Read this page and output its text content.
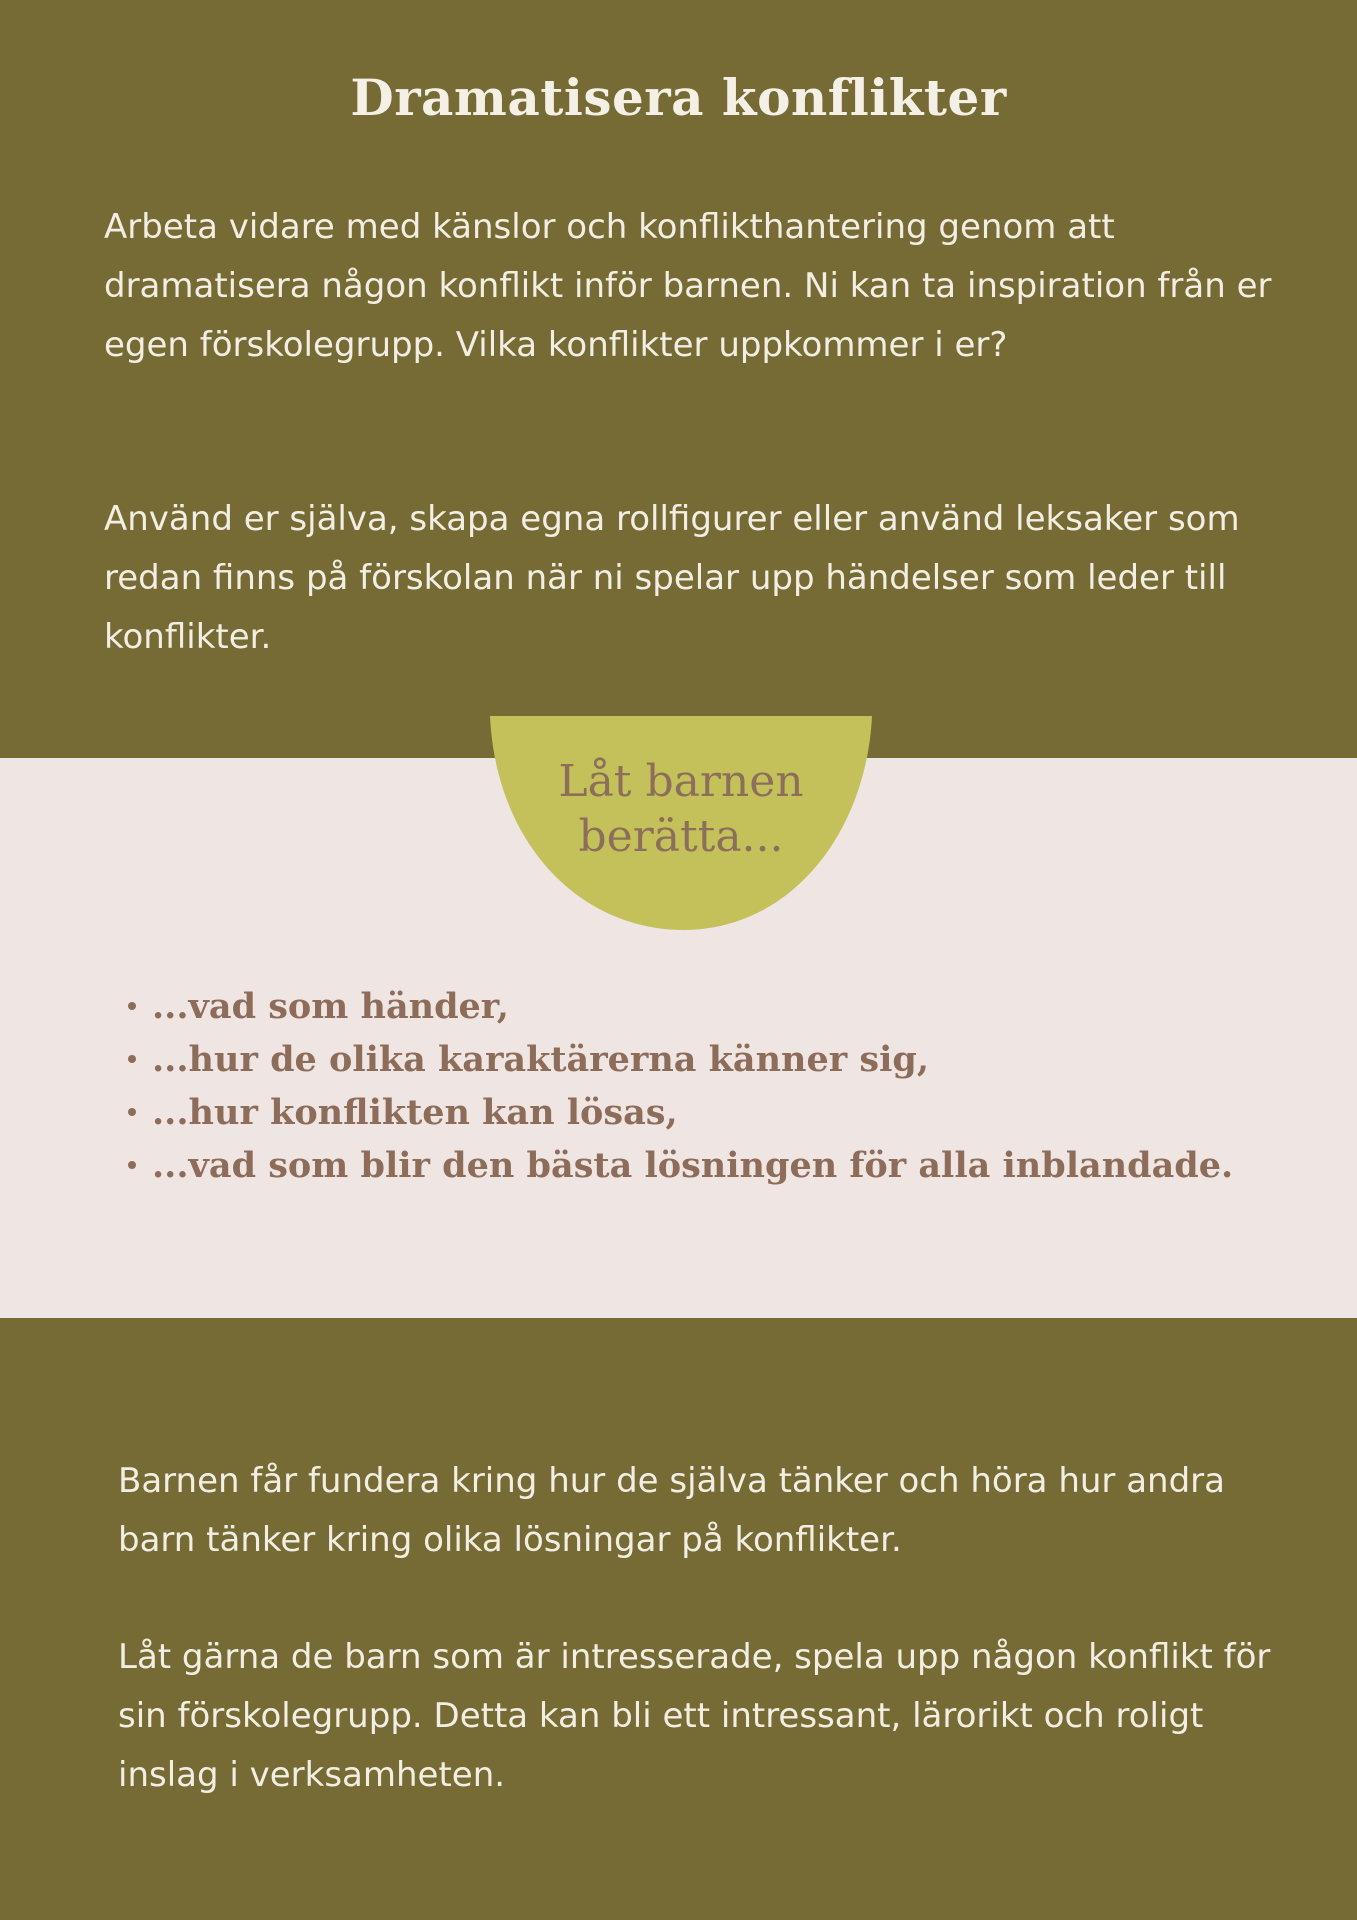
Dramatisera konflikter

Arbeta vidare med känslor och konflikthantering genom att dramatisera någon konflikt inför barnen. Ni kan ta inspiration från er egen förskolegrupp. Vilka konflikter uppkommer i er?

Använd er själva, skapa egna rollfigurer eller använd leksaker som redan finns på förskolan när ni spelar upp händelser som leder till konflikter.

Låt barnen
berätta...
...vad som händer,
...hur de olika karaktärerna känner sig,
...hur konflikten kan lösas,
...vad som blir den bästa lösningen för alla inblandade.

Barnen får fundera kring hur de själva tänker och höra hur andra barn tänker kring olika lösningar på konflikter.

Låt gärna de barn som är intresserade, spela upp någon konflikt för sin förskolegrupp. Detta kan bli ett intressant, lärorikt och roligt inslag i verksamheten.
